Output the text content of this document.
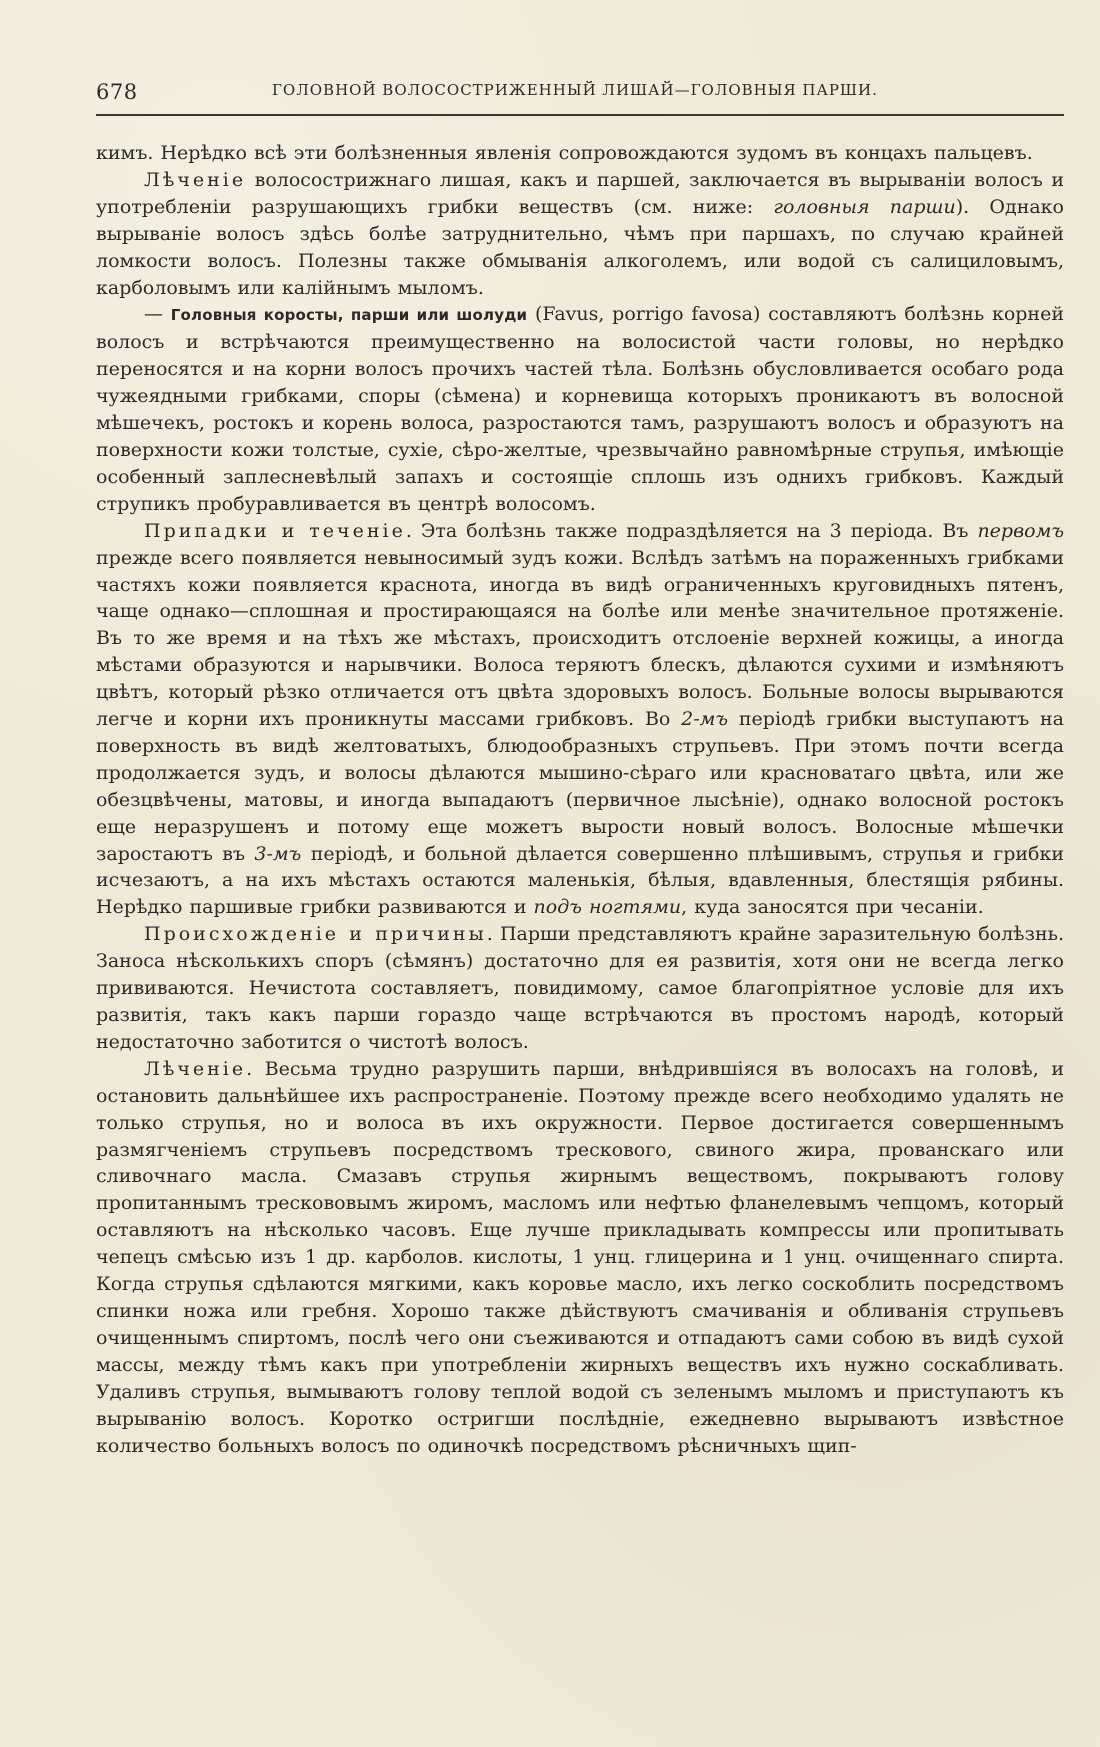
678	ГОЛОВНОЙ ВОЛОСОСТРИЖЕННЫЙ ЛИШАЙ—ГОЛОВНЫЯ ПАРШИ.

кимъ. Нерѣдко всѣ эти болѣзненныя явленія сопровождаются зудомъ въ концахъ пальцевъ.

Лѣченіе волосострижнаго лишая, какъ и паршей, заключается въ вырываніи волосъ и употребленіи разрушающихъ грибки веществъ (см. ниже: головныя парши). Однако вырываніе волосъ здѣсь болѣе затруднительно, чѣмъ при паршахъ, по случаю крайней ломкости волосъ. Полезны также обмыванія алкоголемъ, или водой съ салициловымъ, карболовымъ или калійнымъ мыломъ.

— Головныя коросты, парши или шолуди (Favus, porrigo favosa) составляютъ болѣзнь корней волосъ и встрѣчаются преимущественно на волосистой части головы, но нерѣдко переносятся и на корни волосъ прочихъ частей тѣла. Болѣзнь обусловливается особаго рода чужеядными грибками, споры (сѣмена) и корневища которыхъ проникаютъ въ волосной мѣшечекъ, ростокъ и корень волоса, разростаются тамъ, разрушаютъ волосъ и образуютъ на поверхности кожи толстые, сухіе, сѣро-желтые, чрезвычайно равномѣрные струпья, имѣющіе особенный заплесневѣлый запахъ и состоящіе сплошь изъ однихъ грибковъ. Каждый струпикъ пробуравливается въ центрѣ волосомъ.

Припадки и теченіе. Эта болѣзнь также подраздѣляется на 3 періода. Въ первомъ прежде всего появляется невыносимый зудъ кожи. Вслѣдъ затѣмъ на пораженныхъ грибками частяхъ кожи появляется краснота, иногда въ видѣ ограниченныхъ круговидныхъ пятенъ, чаще однако—сплошная и простирающаяся на болѣе или менѣе значительное протяженіе. Въ то же время и на тѣхъ же мѣстахъ, происходитъ отслоеніе верхней кожицы, а иногда мѣстами образуются и нарывчики. Волоса теряютъ блескъ, дѣлаются сухими и измѣняютъ цвѣтъ, который рѣзко отличается отъ цвѣта здоровыхъ волосъ. Больные волосы вырываются легче и корни ихъ проникнуты массами грибковъ. Во 2-мъ періодѣ грибки выступаютъ на поверхность въ видѣ желтоватыхъ, блюдообразныхъ струпьевъ. При этомъ почти всегда продолжается зудъ, и волосы дѣлаются мышино-сѣраго или красноватаго цвѣта, или же обезцвѣчены, матовы, и иногда выпадаютъ (первичное лысѣніе), однако волосной ростокъ еще неразрушенъ и потому еще можетъ вырости новый волосъ. Волосные мѣшечки заростаютъ въ 3-мъ періодѣ, и больной дѣлается совершенно плѣшивымъ, струпья и грибки исчезаютъ, а на ихъ мѣстахъ остаются маленькія, бѣлыя, вдавленныя, блестящія рябины. Нерѣдко паршивые грибки развиваются и подъ ногтями, куда заносятся при чесаніи.

Происхожденіе и причины. Парши представляютъ крайне заразительную болѣзнь. Заноса нѣсколькихъ споръ (сѣмянъ) достаточно для ея развитія, хотя они не всегда легко прививаются. Нечистота составляетъ, повидимому, самое благопріятное условіе для ихъ развитія, такъ какъ парши гораздо чаще встрѣчаются въ простомъ народѣ, который недостаточно заботится о чистотѣ волосъ.

Лѣченіе. Весьма трудно разрушить парши, внѣдрившіяся въ волосахъ на головѣ, и остановить дальнѣйшее ихъ распространеніе. Поэтому прежде всего необходимо удалять не только струпья, но и волоса въ ихъ окружности. Первое достигается совершеннымъ размягченіемъ струпьевъ посредствомъ трескового, свиного жира, прованскаго или сливочнаго масла. Смазавъ струпья жирнымъ веществомъ, покрываютъ голову пропитаннымъ трескововымъ жиромъ, масломъ или нефтью фланелевымъ чепцомъ, который оставляютъ на нѣсколько часовъ. Еще лучше прикладывать компрессы или пропитывать чепецъ смѣсью изъ 1 др. карболов. кислоты, 1 унц. глицерина и 1 унц. очищеннаго спирта. Когда струпья сдѣлаются мягкими, какъ коровье масло, ихъ легко соскоблить посредствомъ спинки ножа или гребня. Хорошо также дѣйствуютъ смачиванія и обливанія струпьевъ очищеннымъ спиртомъ, послѣ чего они съеживаются и отпадаютъ сами собою въ видѣ сухой массы, между тѣмъ какъ при употребленіи жирныхъ веществъ ихъ нужно соскабливать. Удаливъ струпья, вымываютъ голову теплой водой съ зеленымъ мыломъ и приступаютъ къ вырыванію волосъ. Коротко остригши послѣдніе, ежедневно вырываютъ извѣстное количество больныхъ волосъ по одиночкѣ посредствомъ рѣсничныхъ щип-
